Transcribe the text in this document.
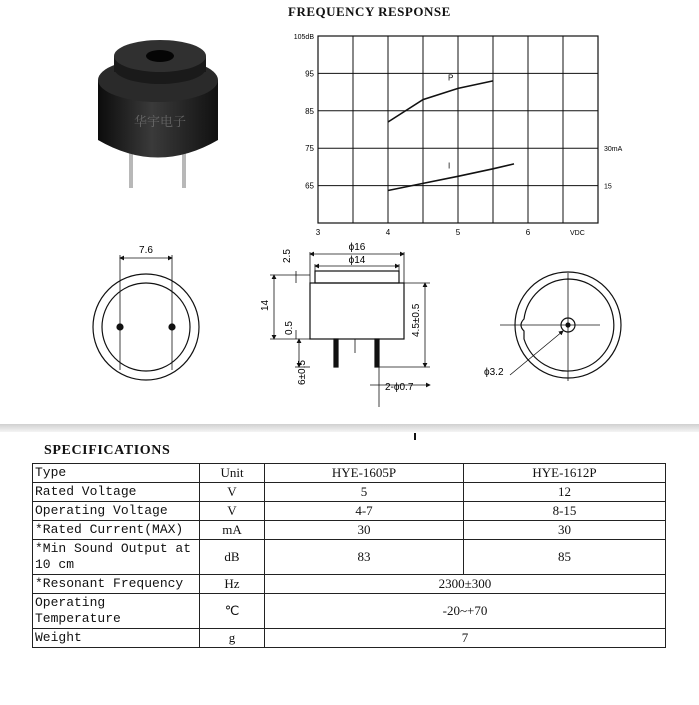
华宇电子
FREQUENCY RESPONSE
105dB
95
85
75
65
3	4	5	6	VDC
30mA
15
P
I
7.6	ϕ16
ϕ14
2.5
14
0.5	4.5±0.5
6±0.5
2-ϕ0.7
ϕ3.2
SPECIFICATIONS
Type	Unit	HYE-1605P	HYE-1612P
Rated Voltage	V	5	12
Operating Voltage	V	4-7	8-15
*Rated Current(MAX)	mA	30	30
*Min Sound Output at 10 cm	dB	83	85
*Resonant Frequency	Hz	2300±300	
Operating Temperature	℃	-20~+70	
Weight	g	7	
